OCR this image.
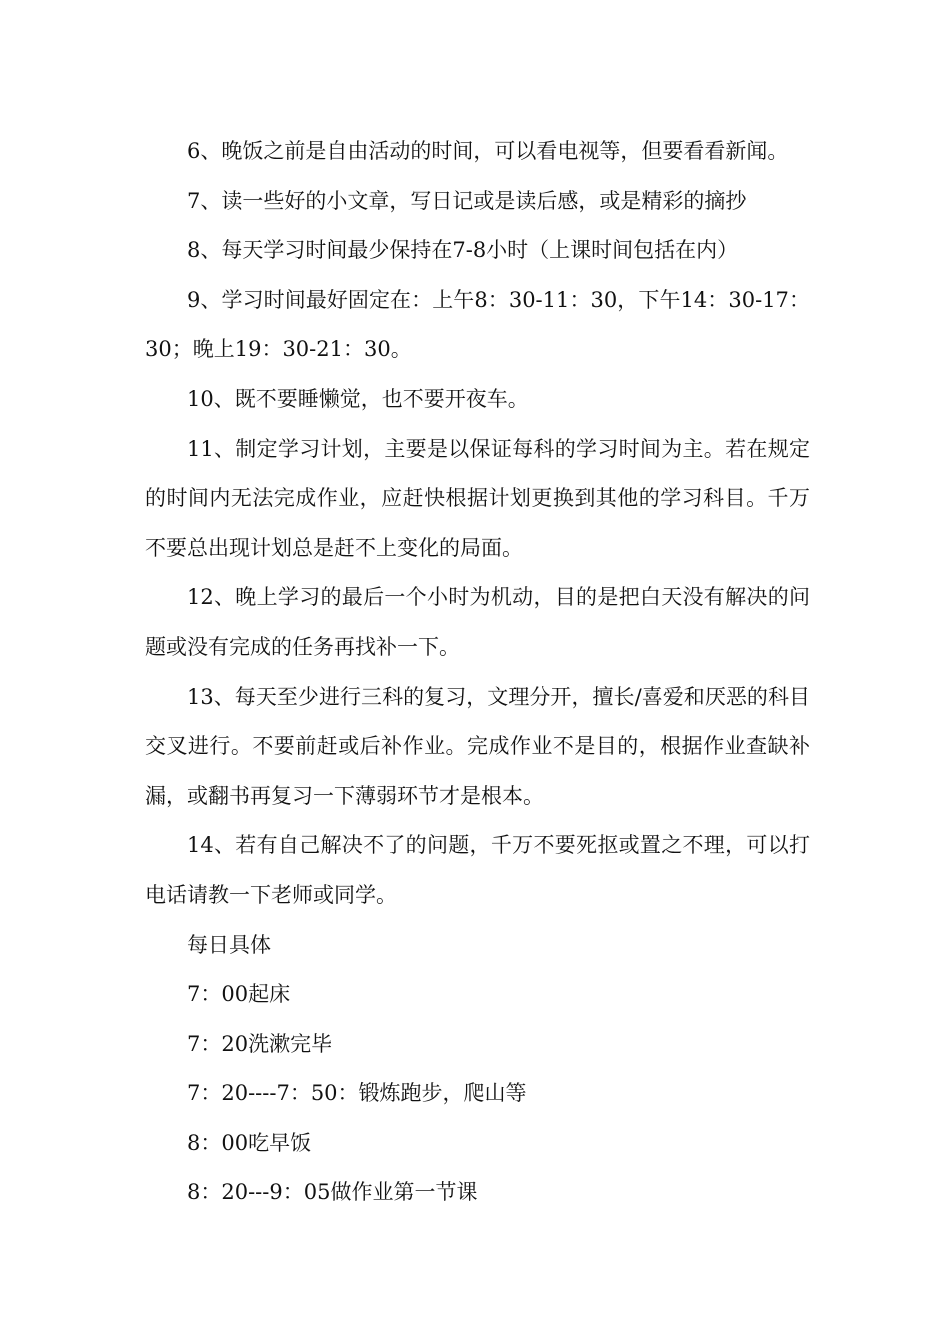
6、晚饭之前是自由活动的时间，可以看电视等，但要看看新闻。

7、读一些好的小文章，写日记或是读后感，或是精彩的摘抄

8、每天学习时间最少保持在7-8小时（上课时间包括在内）

9、学习时间最好固定在：上午8：30-11：30，下午14：30-17：30；晚上19：30-21：30。

10、既不要睡懒觉，也不要开夜车。

11、制定学习计划，主要是以保证每科的学习时间为主。若在规定的时间内无法完成作业，应赶快根据计划更换到其他的学习科目。千万不要总出现计划总是赶不上变化的局面。

12、晚上学习的最后一个小时为机动，目的是把白天没有解决的问题或没有完成的任务再找补一下。

13、每天至少进行三科的复习，文理分开，擅长/喜爱和厌恶的科目交叉进行。不要前赶或后补作业。完成作业不是目的，根据作业查缺补漏，或翻书再复习一下薄弱环节才是根本。

14、若有自己解决不了的问题，千万不要死抠或置之不理，可以打电话请教一下老师或同学。

每日具体

7：00起床

7：20洗漱完毕

7：20----7：50：锻炼跑步，爬山等

8：00吃早饭

8：20---9：05做作业第一节课
